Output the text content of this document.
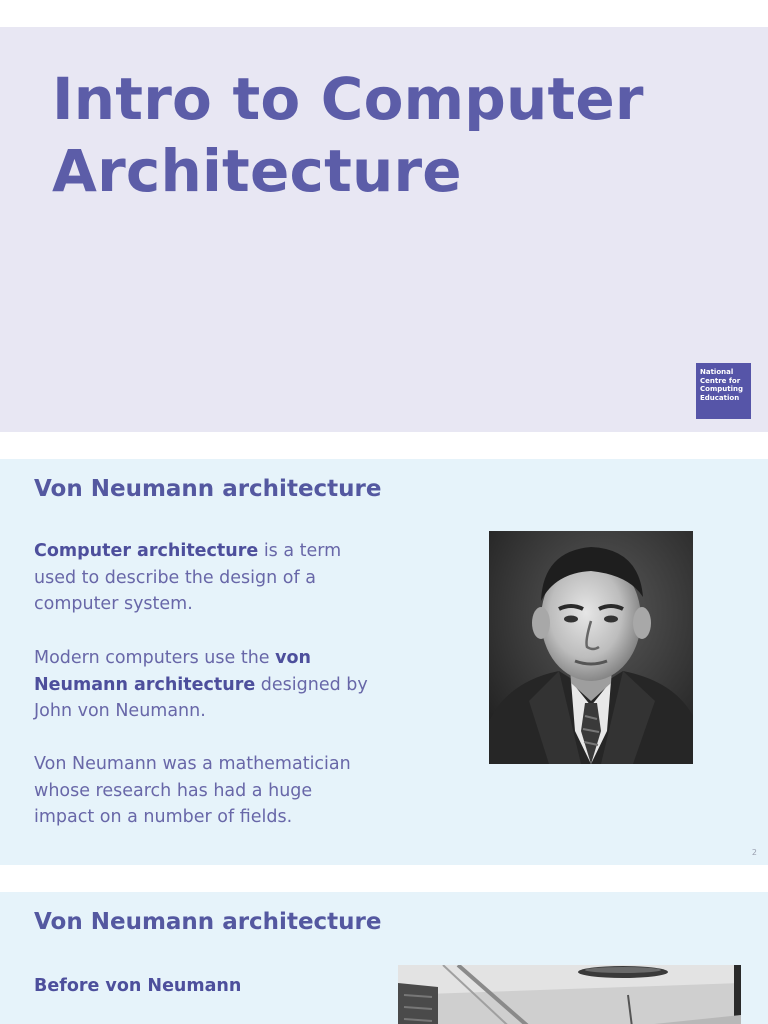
Intro to Computer
Architecture
National
Centre for
Computing
Education
Von Neumann architecture

Computer architecture is a term used to describe the design of a computer system.

Modern computers use the von Neumann architecture designed by John von Neumann.

Von Neumann was a mathematician whose research has had a huge impact on a number of fields.

2
Von Neumann architecture
Before von Neumann
